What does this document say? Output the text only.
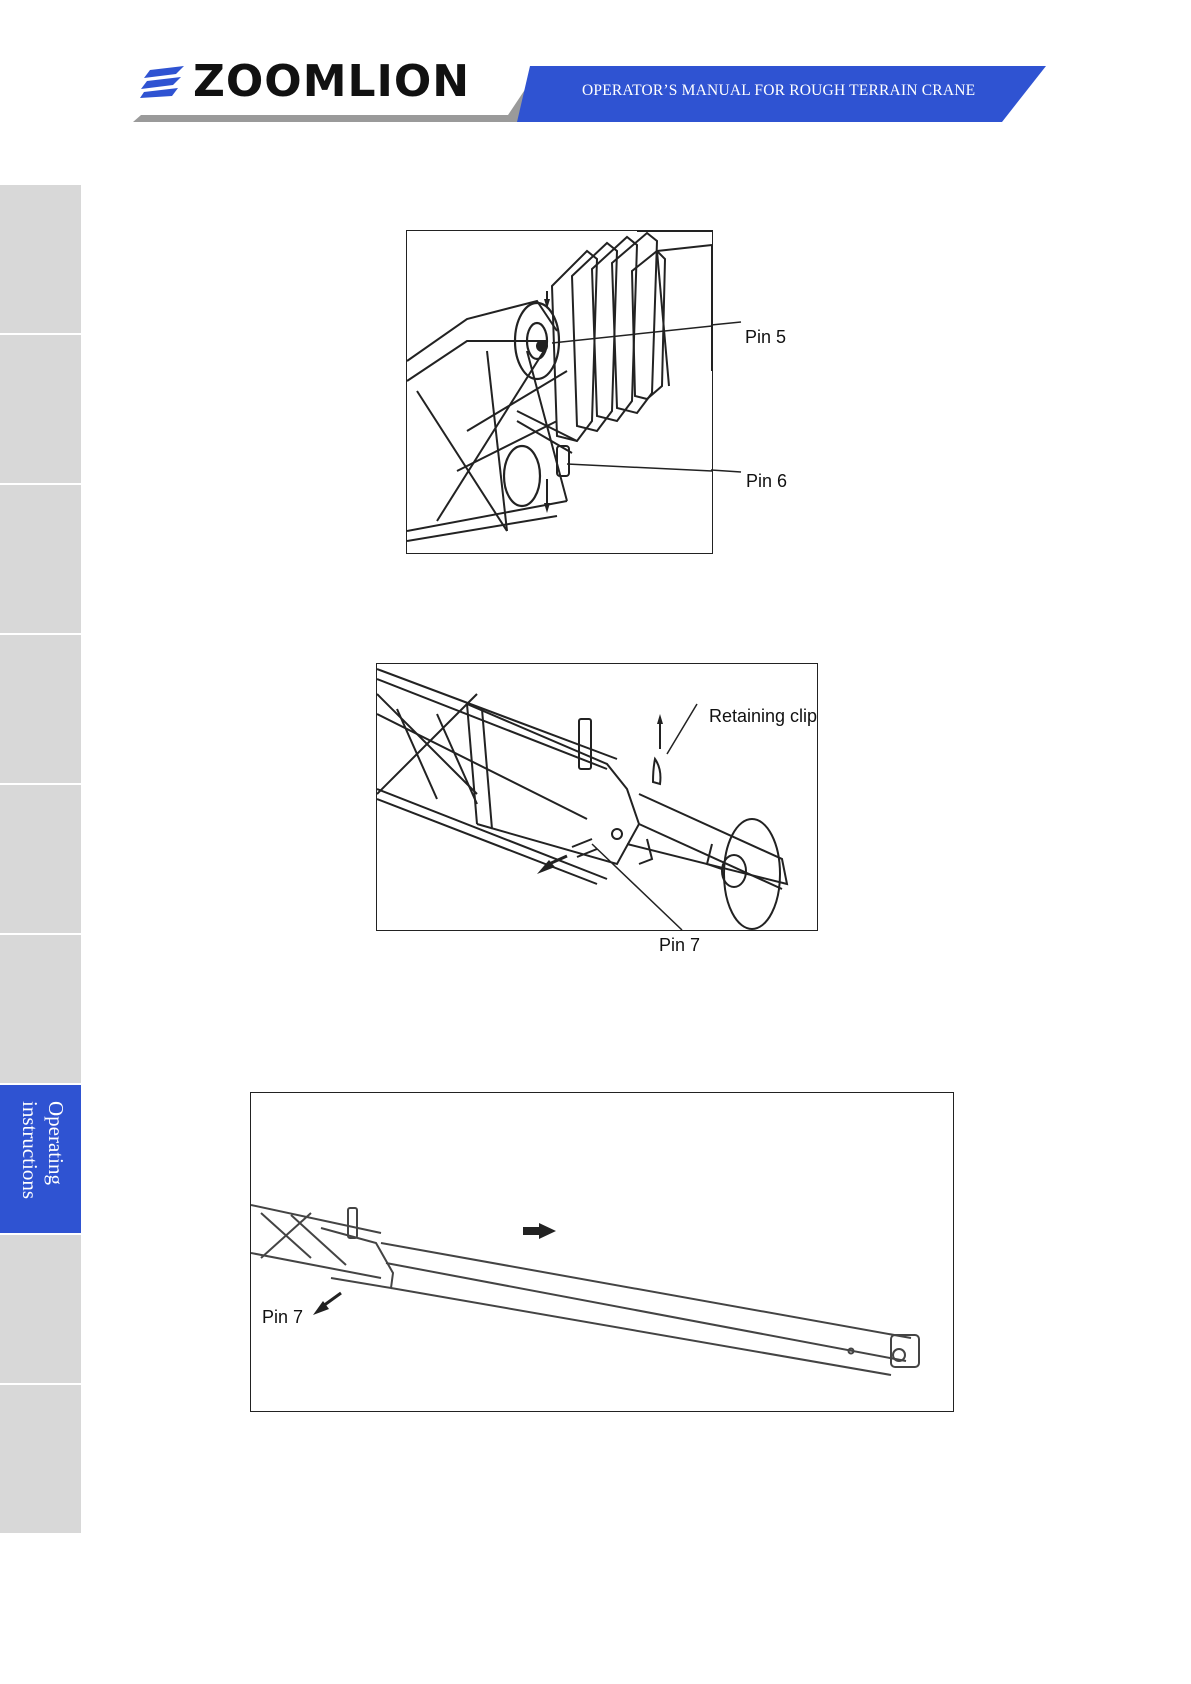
ZOOMLION	OPERATOR’S MANUAL FOR ROUGH TERRAIN CRANE
Operating
instructions
Pin 5
Pin 6
Retaining clip
Pin 7
Pin 7
